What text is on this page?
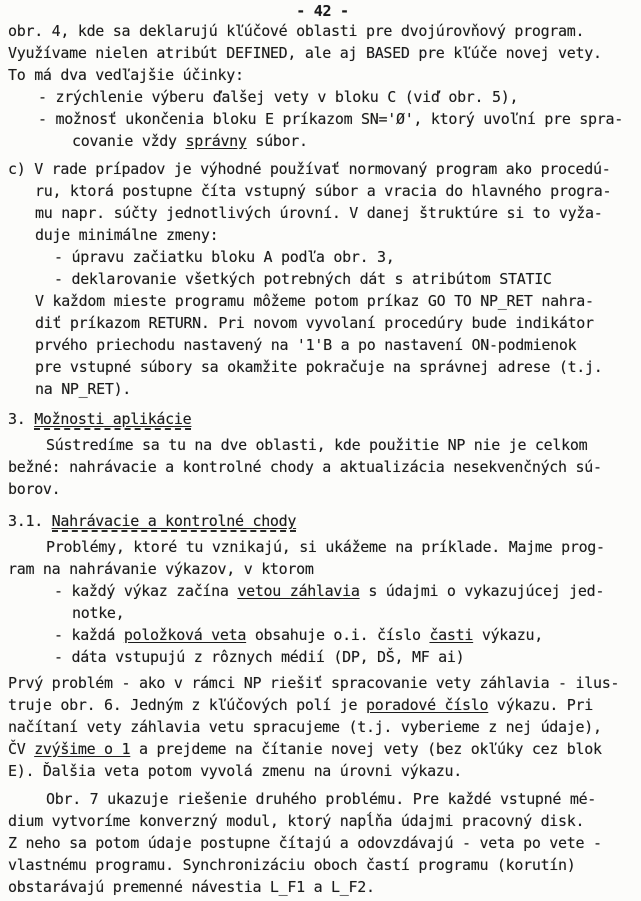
- 42 -
obr. 4, kde sa deklarujú kľúčové oblasti pre dvojúrovňový program.
Využívame nielen atribút DEFINED, ale aj BASED pre kľúče novej vety.
To má dva vedľajšie účinky:
- zrýchlenie výberu ďalšej vety v bloku C (viď obr. 5),
- možnosť ukončenia bloku E príkazom SN='Ø', ktorý uvoľní pre spra-
covanie vždy správny súbor.
c) V rade prípadov je výhodné používať normovaný program ako procedú-
ru, ktorá postupne číta vstupný súbor a vracia do hlavného progra-
mu napr. súčty jednotlivých úrovní. V danej štruktúre si to vyža-
duje minimálne zmeny:
- úpravu začiatku bloku A podľa obr. 3,
- deklarovanie všetkých potrebných dát s atribútom STATIC
V každom mieste programu môžeme potom príkaz GO TO NP_RET nahra-
diť príkazom RETURN. Pri novom vyvolaní procedúry bude indikátor
prvého priechodu nastavený na '1'B a po nastavení ON-podmienok
pre vstupné súbory sa okamžite pokračuje na správnej adrese (t.j.
na NP_RET).
3. Možnosti aplikácie
Sústredíme sa tu na dve oblasti, kde použitie NP nie je celkom
bežné: nahrávacie a kontrolné chody a aktualizácia nesekvenčných sú-
borov.
3.1. Nahrávacie a kontrolné chody
Problémy, ktoré tu vznikajú, si ukážeme na príklade. Majme prog-
ram na nahrávanie výkazov, v ktorom
- každý výkaz začína vetou záhlavia s údajmi o vykazujúcej jed-
notke,
- každá položková veta obsahuje o.i. číslo časti výkazu,
- dáta vstupujú z rôznych médií (DP, DŠ, MF ai)
Prvý problém - ako v rámci NP riešiť spracovanie vety záhlavia - ilus-
truje obr. 6. Jedným z kľúčových polí je poradové číslo výkazu. Pri
načítaní vety záhlavia vetu spracujeme (t.j. vyberieme z nej údaje),
ČV zvýšime o 1 a prejdeme na čítanie novej vety (bez okľúky cez blok
E). Ďalšia veta potom vyvolá zmenu na úrovni výkazu.
Obr. 7 ukazuje riešenie druhého problému. Pre každé vstupné mé-
dium vytvoríme konverzný modul, ktorý napĺňa údajmi pracovný disk.
Z neho sa potom údaje postupne čítajú a odovzdávajú - veta po vete -
vlastnému programu. Synchronizáciu oboch častí programu (korutín)
obstarávajú premenné návestia L_F1 a L_F2.
